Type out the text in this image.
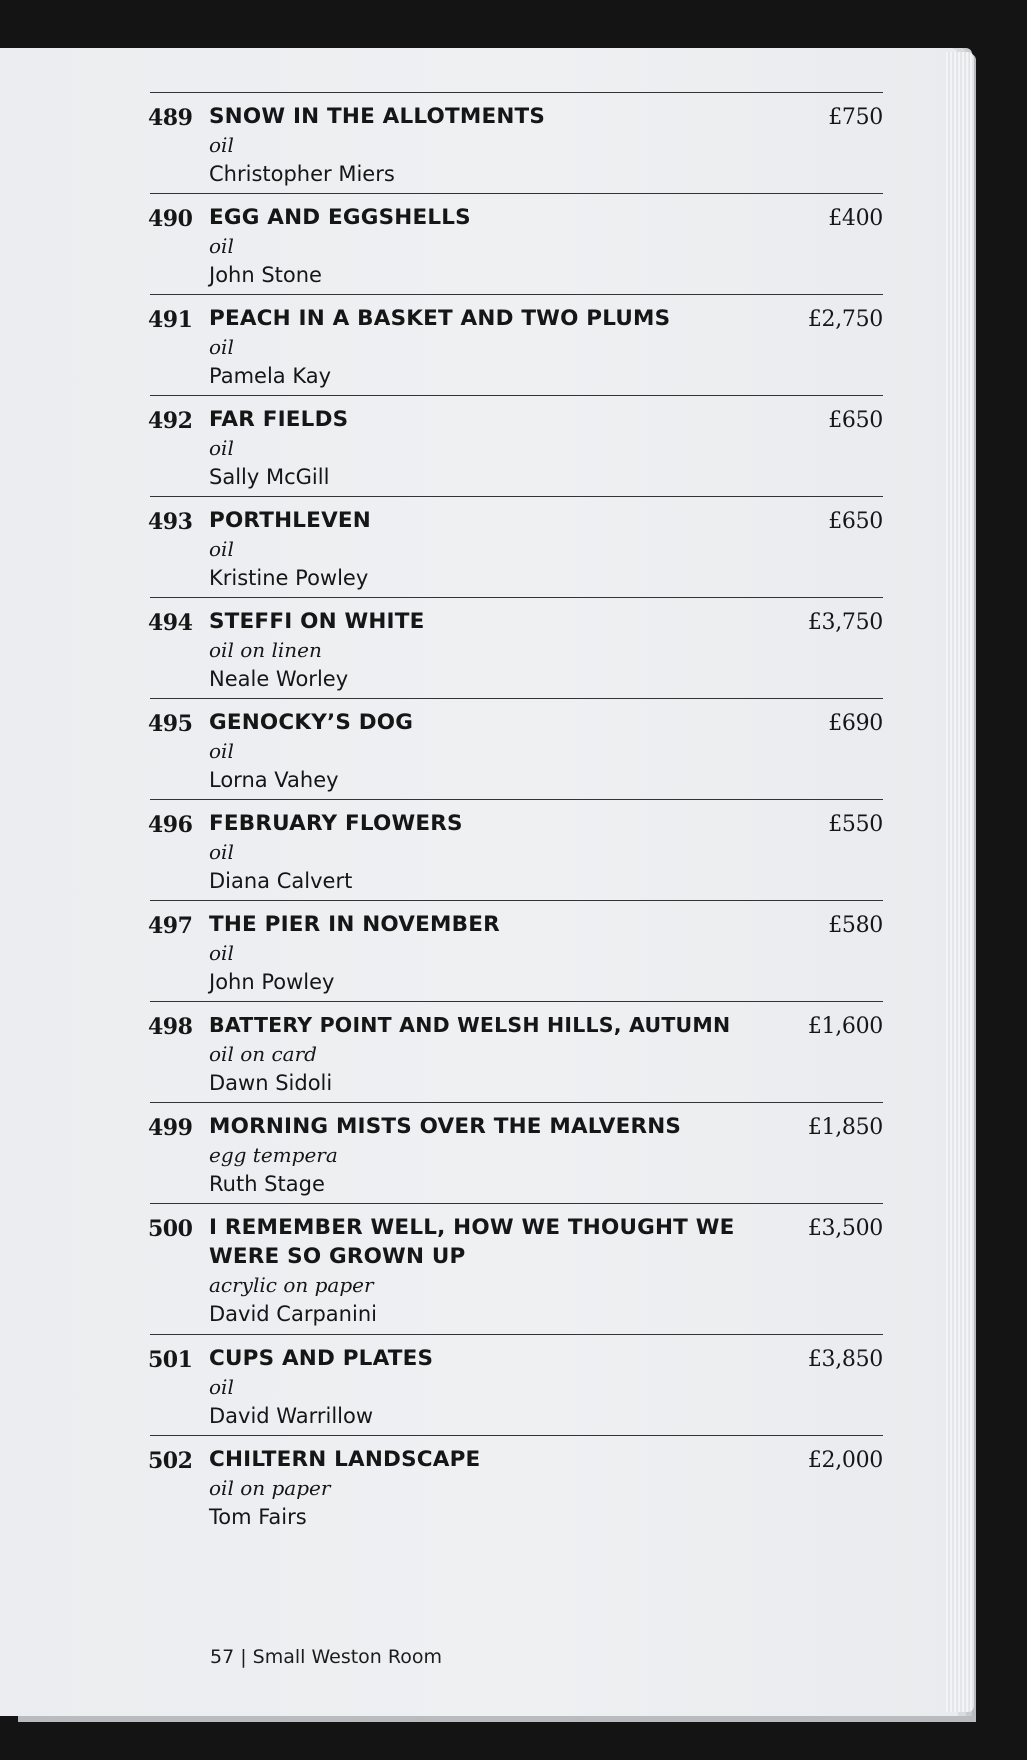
489 SNOW IN THE ALLOTMENTS
oil
Christopher Miers
£750
490 EGG AND EGGSHELLS
oil
John Stone
£400
491 PEACH IN A BASKET AND TWO PLUMS
oil
Pamela Kay
£2,750
492 FAR FIELDS
oil
Sally McGill
£650
493 PORTHLEVEN
oil
Kristine Powley
£650
494 STEFFI ON WHITE
oil on linen
Neale Worley
£3,750
495 GENOCKY’S DOG
oil
Lorna Vahey
£690
496 FEBRUARY FLOWERS
oil
Diana Calvert
£550
497 THE PIER IN NOVEMBER
oil
John Powley
£580
498 BATTERY POINT AND WELSH HILLS, AUTUMN
oil on card
Dawn Sidoli
£1,600
499 MORNING MISTS OVER THE MALVERNS
egg tempera
Ruth Stage
£1,850
500 I REMEMBER WELL, HOW WE THOUGHT WE WERE SO GROWN UP
acrylic on paper
David Carpanini
£3,500
501 CUPS AND PLATES
oil
David Warrillow
£3,850
502 CHILTERN LANDSCAPE
oil on paper
Tom Fairs
£2,000
57 | Small Weston Room
